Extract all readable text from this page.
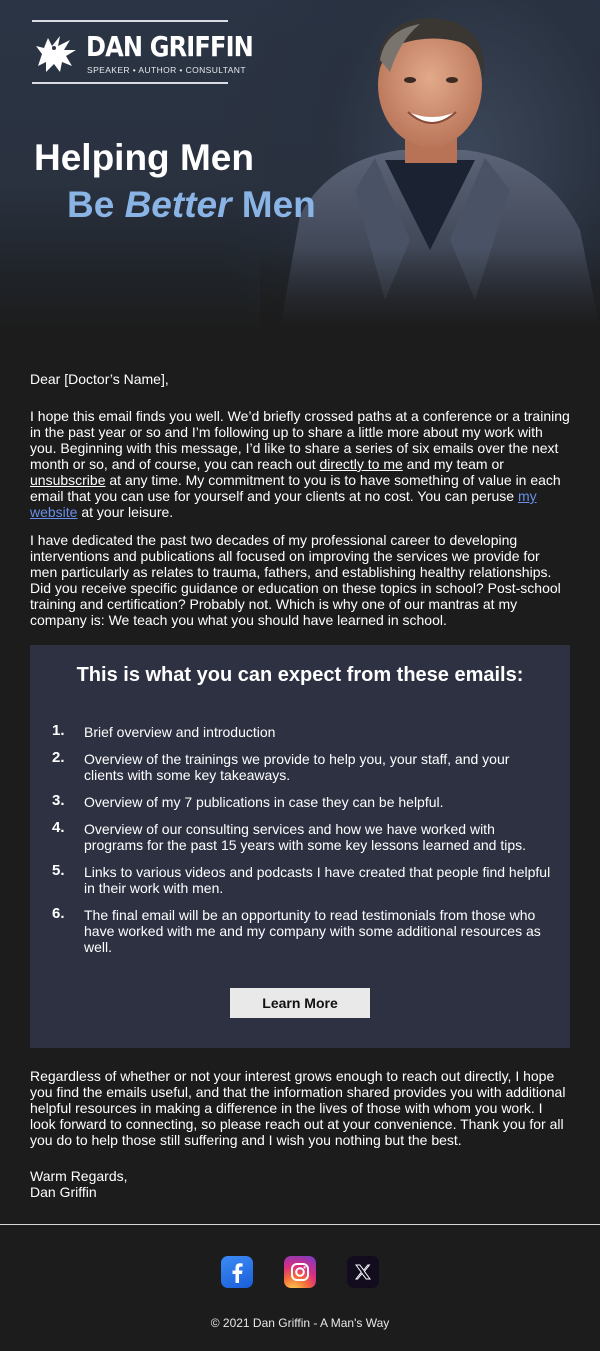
DAN GRIFFIN
SPEAKER • AUTHOR • CONSULTANT
Helping Men
Be Better Men
Dear [Doctor’s Name],
I hope this email finds you well. We’d briefly crossed paths at a conference or a training in the past year or so and I’m following up to share a little more about my work with you. Beginning with this message, I’d like to share a series of six emails over the next month or so, and of course, you can reach out directly to me and my team or unsubscribe at any time. My commitment to you is to have something of value in each email that you can use for yourself and your clients at no cost. You can peruse my website at your leisure.
I have dedicated the past two decades of my professional career to developing interventions and publications all focused on improving the services we provide for men particularly as relates to trauma, fathers, and establishing healthy relationships. Did you receive specific guidance or education on these topics in school? Post-school training and certification? Probably not. Which is why one of our mantras at my company is: We teach you what you should have learned in school.
This is what you can expect from these emails:
1. Brief overview and introduction
2. Overview of the trainings we provide to help you, your staff, and your clients with some key takeaways.
3. Overview of my 7 publications in case they can be helpful.
4. Overview of our consulting services and how we have worked with programs for the past 15 years with some key lessons learned and tips.
5. Links to various videos and podcasts I have created that people find helpful in their work with men.
6. The final email will be an opportunity to read testimonials from those who have worked with me and my company with some additional resources as well.
Learn More
Regardless of whether or not your interest grows enough to reach out directly, I hope you find the emails useful, and that the information shared provides you with additional helpful resources in making a difference in the lives of those with whom you work. I look forward to connecting, so please reach out at your convenience. Thank you for all you do to help those still suffering and I wish you nothing but the best.
Warm Regards,
Dan Griffin
© 2021 Dan Griffin - A Man's Way
